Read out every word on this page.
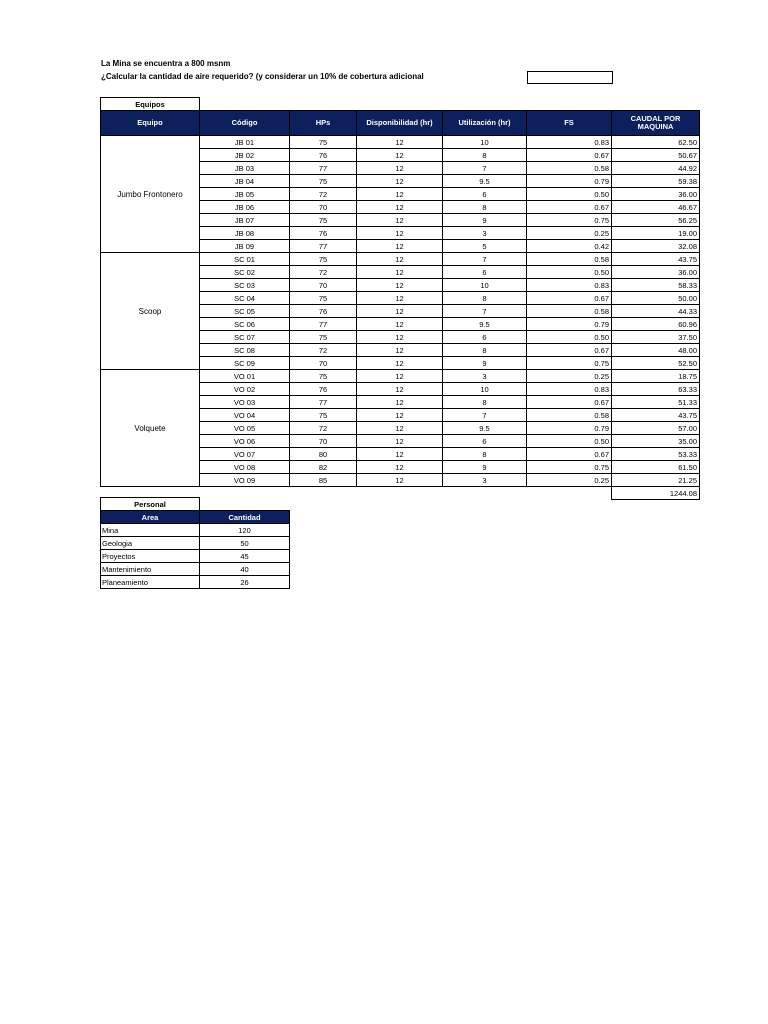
La Mina se encuentra a 800 msnm
¿Calcular la cantidad de aire requerido? (y considerar un 10% de cobertura adicional
Equipos						
Equipo	Código	HPs	Disponibilidad (hr)	Utilización (hr)	FS	CAUDAL POR MAQUINA
Jumbo Frontonero	JB 01	75	12	10	0.83	62.50
	JB 02	76	12	8	0.67	50.67
	JB 03	77	12	7	0.58	44.92
	JB 04	75	12	9.5	0.79	59.38
	JB 05	72	12	6	0.50	36.00
	JB 06	70	12	8	0.67	46.67
	JB 07	75	12	9	0.75	56.25
	JB 08	76	12	3	0.25	19.00
	JB 09	77	12	5	0.42	32.08
Scoop	SC 01	75	12	7	0.58	43.75
	SC 02	72	12	6	0.50	36.00
	SC 03	70	12	10	0.83	58.33
	SC 04	75	12	8	0.67	50.00
	SC 05	76	12	7	0.58	44.33
	SC 06	77	12	9.5	0.79	60.96
	SC 07	75	12	6	0.50	37.50
	SC 08	72	12	8	0.67	48.00
	SC 09	70	12	9	0.75	52.50
Volquete	VO 01	75	12	3	0.25	18.75
	VO 02	76	12	10	0.83	63.33
	VO 03	77	12	8	0.67	51.33
	VO 04	75	12	7	0.58	43.75
	VO 05	72	12	9.5	0.79	57.00
	VO 06	70	12	6	0.50	35.00
	VO 07	80	12	8	0.67	53.33
	VO 08	82	12	9	0.75	61.50
	VO 09	85	12	3	0.25	21.25
						1244.08
Personal	
Area	Cantidad
Mina	120
Geologia	50
Proyectos	45
Mantenimiento	40
Planeamiento	26
